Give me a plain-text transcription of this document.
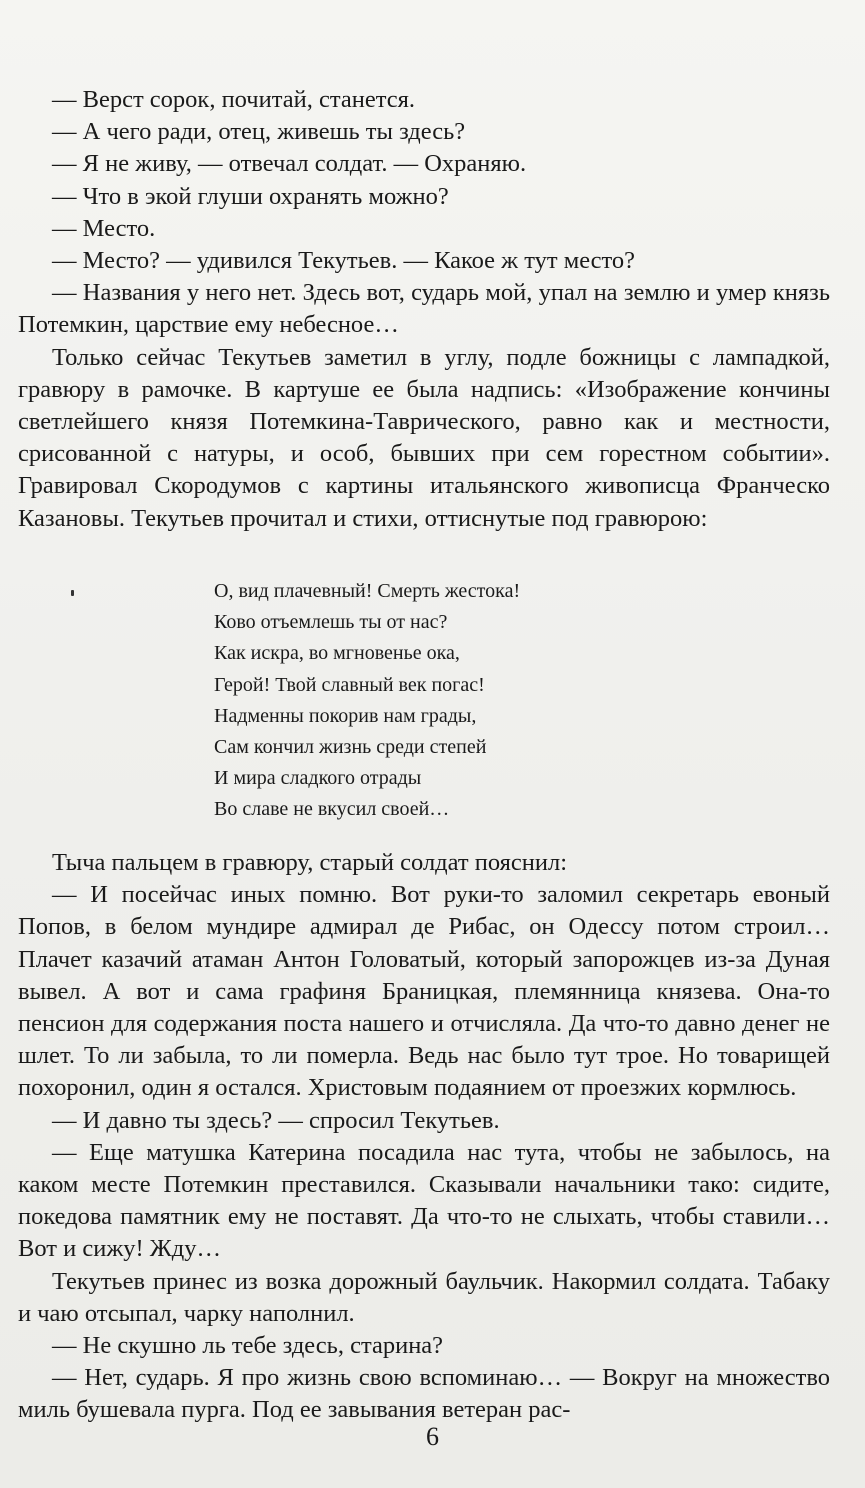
— Верст сорок, почитай, станется.

— А чего ради, отец, живешь ты здесь?

— Я не живу, — отвечал солдат. — Охраняю.

— Что в экой глуши охранять можно?

— Место.

— Место? — удивился Текутьев. — Какое ж тут место?

— Названия у него нет. Здесь вот, сударь мой, упал на землю и умер князь Потемкин, царствие ему небесное…

Только сейчас Текутьев заметил в углу, подле божницы с лампадкой, гравюру в рамочке. В картуше ее была надпись: «Изображение кончины светлейшего князя Потемкина-Таврического, равно как и местности, срисованной с натуры, и особ, бывших при сем горестном событии». Гравировал Скородумов с картины итальянского живописца Франческо Казановы. Текутьев прочитал и стихи, оттиснутые под гравюрою:

О, вид плачевный! Смерть жестока!

Ково отъемлешь ты от нас?

Как искра, во мгновенье ока,

Герой! Твой славный век погас!

Надменны покорив нам грады,

Сам кончил жизнь среди степей

И мира сладкого отрады

Во славе не вкусил своей…

Тыча пальцем в гравюру, старый солдат пояснил:

— И посейчас иных помню. Вот руки-то заломил секретарь евоный Попов, в белом мундире адмирал де Рибас, он Одессу потом строил… Плачет казачий атаман Антон Головатый, который запорожцев из-за Дуная вывел. А вот и сама графиня Браницкая, племянница князева. Она-то пенсион для содержания поста нашего и отчисляла. Да что-то давно денег не шлет. То ли забыла, то ли померла. Ведь нас было тут трое. Но товарищей похоронил, один я остался. Христовым подаянием от проезжих кормлюсь.

— И давно ты здесь? — спросил Текутьев.

— Еще матушка Катерина посадила нас тута, чтобы не забылось, на каком месте Потемкин преставился. Сказывали начальники тако: сидите, покедова памятник ему не поставят. Да что-то не слыхать, чтобы ставили… Вот и сижу! Жду…

Текутьев принес из возка дорожный баульчик. Накормил солдата. Табаку и чаю отсыпал, чарку наполнил.

— Не скушно ль тебе здесь, старина?

— Нет, сударь. Я про жизнь свою вспоминаю… — Вокруг на множество миль бушевала пурга. Под ее завывания ветеран рас-

6
